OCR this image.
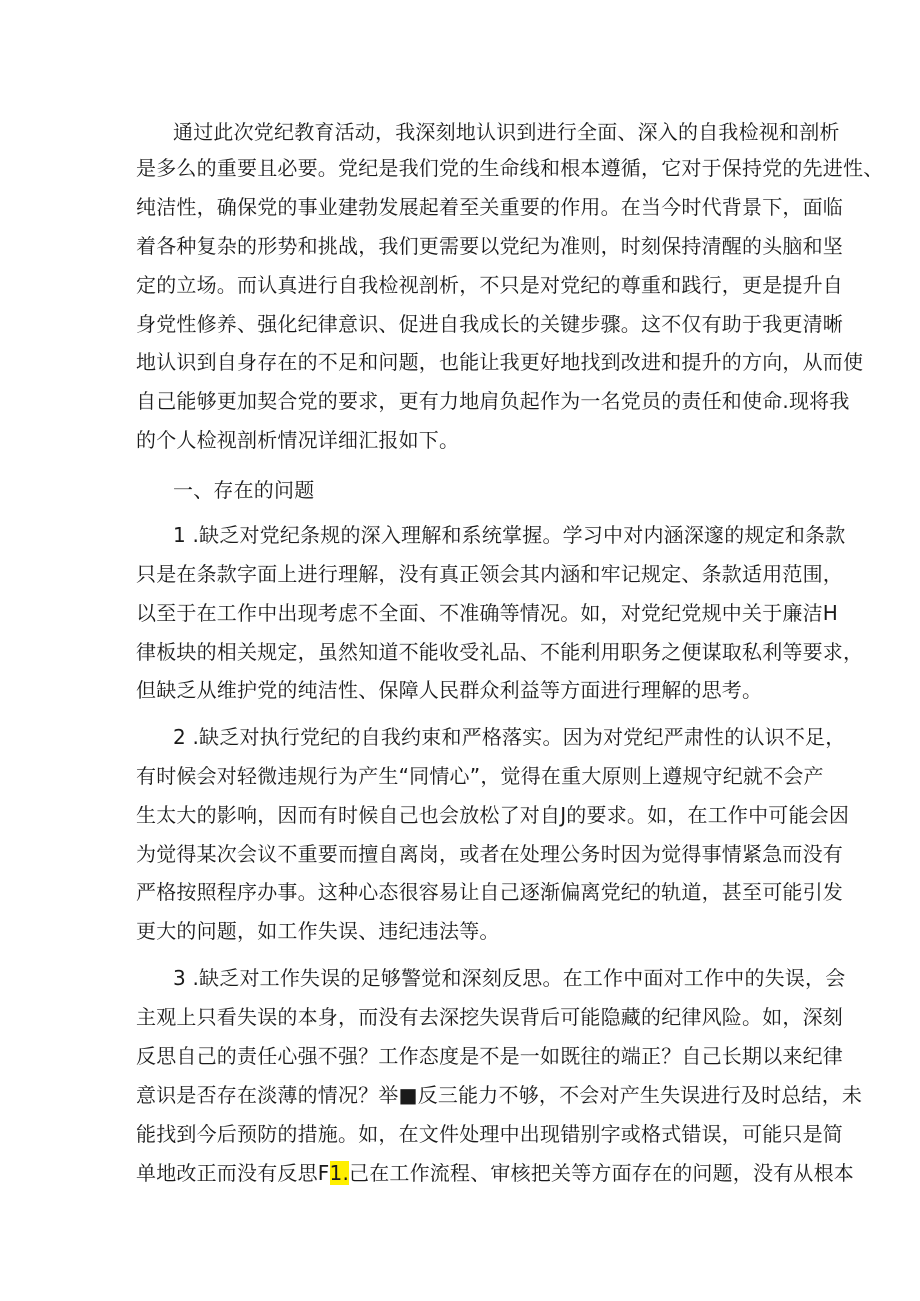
通过此次党纪教育活动，我深刻地认识到进行全面、深入的自我检视和剖析
是多么的重要且必要。党纪是我们党的生命线和根本遵循，它对于保持党的先进性、
纯洁性，确保党的事业建勃发展起着至关重要的作用。在当今时代背景下，面临
着各种复杂的形势和挑战，我们更需要以党纪为准则，时刻保持清醒的头脑和坚
定的立场。而认真进行自我检视剖析，不只是对党纪的尊重和践行，更是提升自
身党性修养、强化纪律意识、促进自我成长的关键步骤。这不仅有助于我更清晰
地认识到自身存在的不足和问题，也能让我更好地找到改进和提升的方向，从而使
自己能够更加契合党的要求，更有力地肩负起作为一名党员的责任和使命.现将我
的个人检视剖析情况详细汇报如下。
一、存在的问题
1 .缺乏对党纪条规的深入理解和系统掌握。学习中对内涵深邃的规定和条款
只是在条款字面上进行理解，没有真正领会其内涵和牢记规定、条款适用范围，
以至于在工作中出现考虑不全面、不准确等情况。如，对党纪党规中关于廉洁H
律板块的相关规定，虽然知道不能收受礼品、不能利用职务之便谋取私利等要求，
但缺乏从维护党的纯洁性、保障人民群众利益等方面进行理解的思考。
2 .缺乏对执行党纪的自我约束和严格落实。因为对党纪严肃性的认识不足，
有时候会对轻微违规行为产生“同情心”，觉得在重大原则上遵规守纪就不会产
生太大的影响，因而有时候自己也会放松了对自J的要求。如，在工作中可能会因
为觉得某次会议不重要而擅自离岗，或者在处理公务时因为觉得事情紧急而没有
严格按照程序办事。这种心态很容易让自己逐渐偏离党纪的轨道，甚至可能引发
更大的问题，如工作失误、违纪违法等。
3 .缺乏对工作失误的足够警觉和深刻反思。在工作中面对工作中的失误，会
主观上只看失误的本身，而没有去深挖失误背后可能隐藏的纪律风险。如，深刻
反思自己的责任心强不强？工作态度是不是一如既往的端正？自己长期以来纪律
意识是否存在淡薄的情况？举■反三能力不够，不会对产生失误进行及时总结，未
能找到今后预防的措施。如，在文件处理中出现错别字或格式错误，可能只是简
单地改正而没有反思F1.己在工作流程、审核把关等方面存在的问题，没有从根本
